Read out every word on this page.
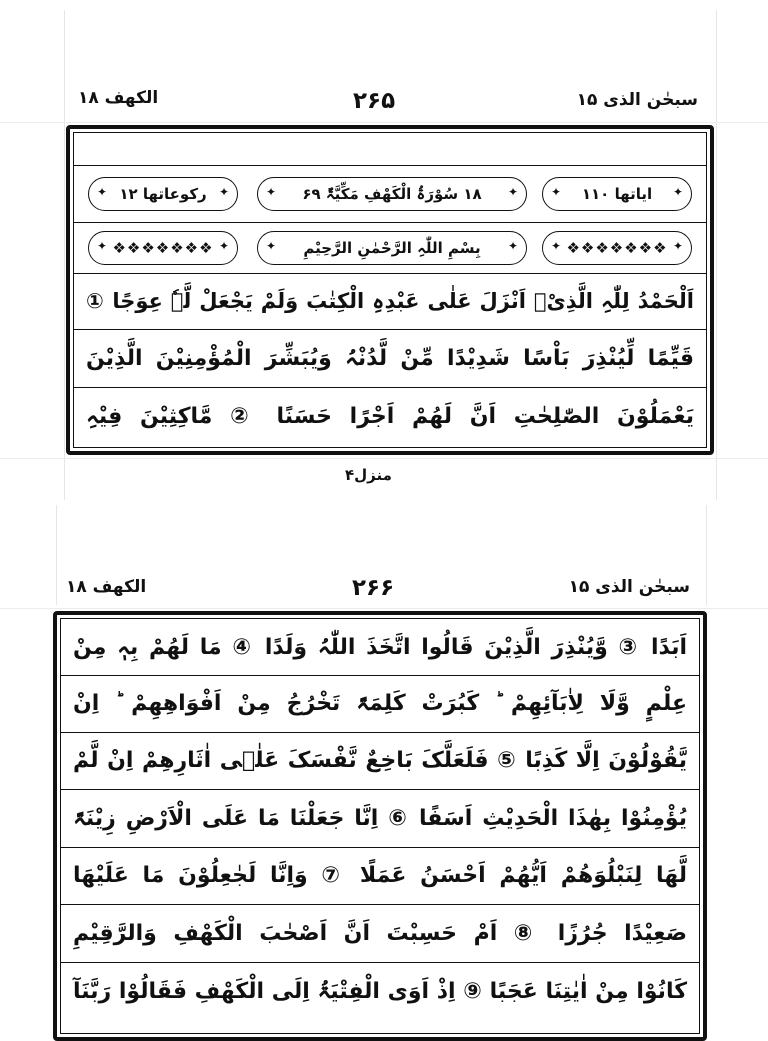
سبحٰن الذی ۱۵
۲۶۵
الکھف ۱۸
✦ ایاتھا ۱۱۰
✦
✦ ۱۸ سُوْرَۃُ الْکَھْفِ مَکِّیَّۃٌ ۶۹
✦
✦ رکوعاتھا ۱۲
✦
✦ ❖❖❖❖❖❖❖
✦
✦ بِسْمِ اللّٰہِ الرَّحْمٰنِ الرَّحِیْمِ
✦
✦ ❖❖❖❖❖❖❖
✦
اَلْحَمْدُ لِلّٰہِ الَّذِیْۤ اَنْزَلَ عَلٰی عَبْدِہِ الْکِتٰبَ وَلَمْ یَجْعَلْ لَّہٗ عِوَجًا ①
قَیِّمًا لِّیُنْذِرَ بَاْسًا شَدِیْدًا مِّنْ لَّدُنْہُ وَیُبَشِّرَ الْمُؤْمِنِیْنَ الَّذِیْنَ
یَعْمَلُوْنَ الصّٰلِحٰتِ اَنَّ لَھُمْ اَجْرًا حَسَنًا ② مَّاکِثِیْنَ فِیْہِ
منزل۴
سبحٰن الذی ۱۵
۲۶۶
الکھف ۱۸
اَبَدًا ③ وَّیُنْذِرَ الَّذِیْنَ قَالُوا اتَّخَذَ اللّٰہُ وَلَدًا ④ مَا لَھُمْ بِہٖ مِنْ
عِلْمٍ وَّلَا لِاٰبَآئِھِمْ ؕ کَبُرَتْ کَلِمَۃً تَخْرُجُ مِنْ اَفْوَاھِھِمْ ؕ اِنْ
یَّقُوْلُوْنَ اِلَّا کَذِبًا ⑤ فَلَعَلَّکَ بَاخِعٌ نَّفْسَکَ عَلٰۤی اٰثَارِھِمْ اِنْ لَّمْ
یُؤْمِنُوْا بِھٰذَا الْحَدِیْثِ اَسَفًا ⑥ اِنَّا جَعَلْنَا مَا عَلَی الْاَرْضِ زِیْنَۃً
لَّھَا لِنَبْلُوَھُمْ اَیُّھُمْ اَحْسَنُ عَمَلًا ⑦ وَاِنَّا لَجٰعِلُوْنَ مَا عَلَیْھَا
صَعِیْدًا جُرُزًا ⑧ اَمْ حَسِبْتَ اَنَّ اَصْحٰبَ الْکَھْفِ وَالرَّقِیْمِ
کَانُوْا مِنْ اٰیٰتِنَا عَجَبًا ⑨ اِذْ اَوَی الْفِتْیَۃُ اِلَی الْکَھْفِ فَقَالُوْا رَبَّنَآ
